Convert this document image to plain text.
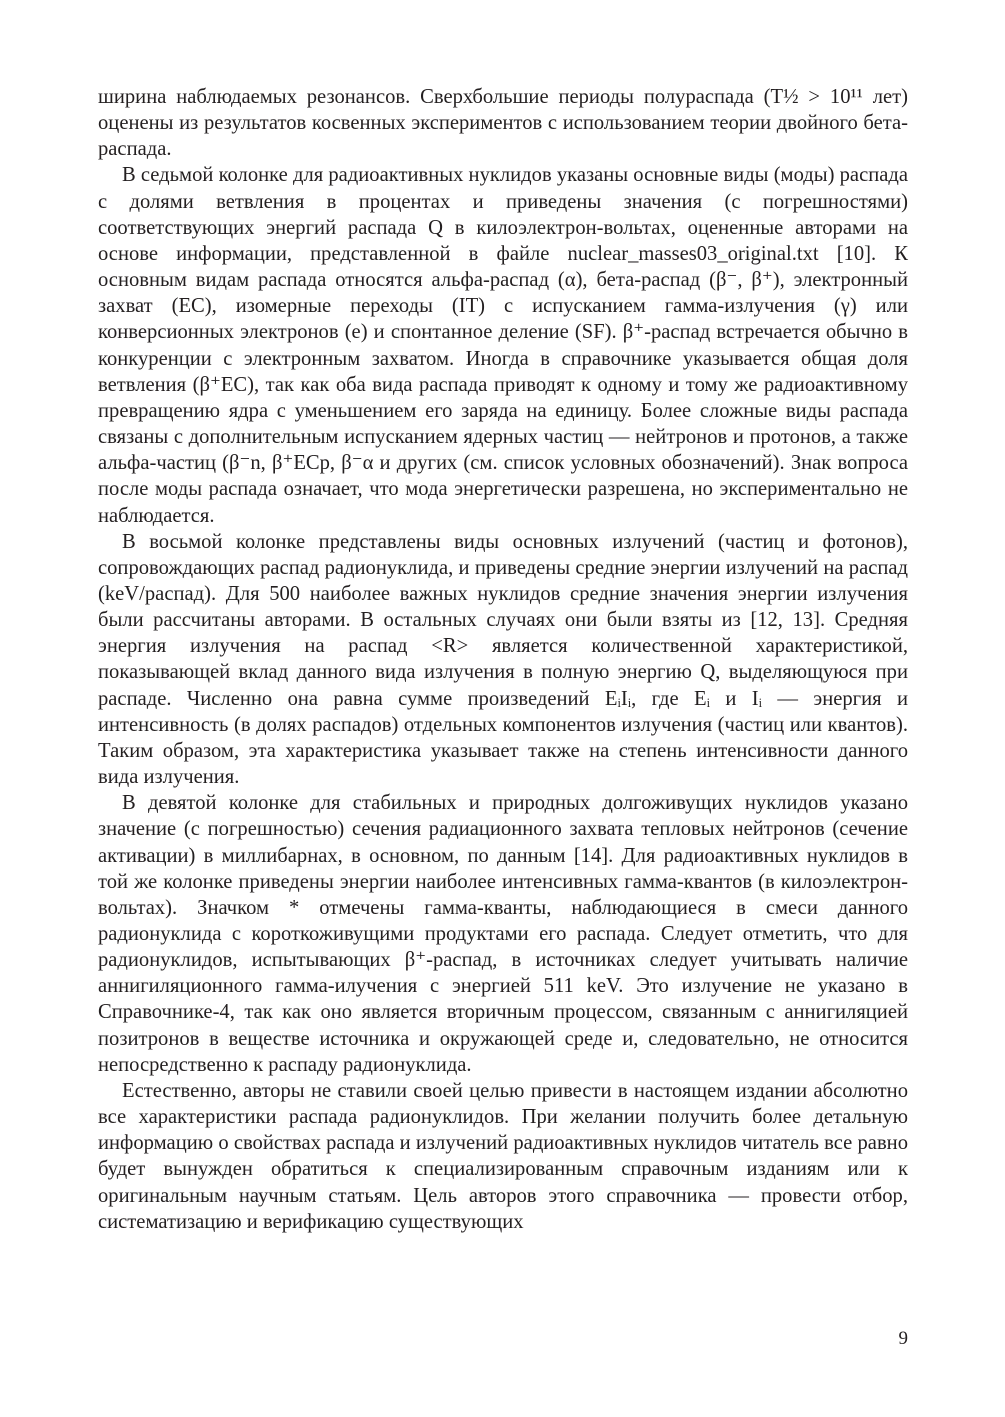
ширина наблюдаемых резонансов. Сверхбольшие периоды полураспада (T½ > 10¹¹ лет) оценены из результатов косвенных экспериментов с использованием теории двойного бета-распада.

В седьмой колонке для радиоактивных нуклидов указаны основные виды (моды) распада с долями ветвления в процентах и приведены значения (с погрешностями) соответствующих энергий распада Q в килоэлектрон-вольтах, оцененные авторами на основе информации, представленной в файле nuclear_masses03_original.txt [10]. К основным видам распада относятся альфа-распад (α), бета-распад (β⁻, β⁺), электронный захват (EC), изомерные переходы (IT) с испусканием гамма-излучения (γ) или конверсионных электронов (e) и спонтанное деление (SF). β⁺-распад встречается обычно в конкуренции с электронным захватом. Иногда в справочнике указывается общая доля ветвления (β⁺EC), так как оба вида распада приводят к одному и тому же радиоактивному превращению ядра с уменьшением его заряда на единицу. Более сложные виды распада связаны с дополнительным испусканием ядерных частиц — нейтронов и протонов, а также альфа-частиц (β⁻n, β⁺ECp, β⁻α и других (см. список условных обозначений). Знак вопроса после моды распада означает, что мода энергетически разрешена, но экспериментально не наблюдается.

В восьмой колонке представлены виды основных излучений (частиц и фотонов), сопровождающих распад радионуклида, и приведены средние энергии излучений на распад (keV/распад). Для 500 наиболее важных нуклидов средние значения энергии излучения были рассчитаны авторами. В остальных случаях они были взяты из [12, 13]. Средняя энергия излучения на распад <R> является количественной характеристикой, показывающей вклад данного вида излучения в полную энергию Q, выделяющуюся при распаде. Численно она равна сумме произведений EᵢIᵢ, где Eᵢ и Iᵢ — энергия и интенсивность (в долях распадов) отдельных компонентов излучения (частиц или квантов). Таким образом, эта характеристика указывает также на степень интенсивности данного вида излучения.

В девятой колонке для стабильных и природных долгоживущих нуклидов указано значение (с погрешностью) сечения радиационного захвата тепловых нейтронов (сечение активации) в миллибарнах, в основном, по данным [14]. Для радиоактивных нуклидов в той же колонке приведены энергии наиболее интенсивных гамма-квантов (в килоэлектрон-вольтах). Значком * отмечены гамма-кванты, наблюдающиеся в смеси данного радионуклида с короткоживущими продуктами его распада. Следует отметить, что для радионуклидов, испытывающих β⁺-распад, в источниках следует учитывать наличие аннигиляционного гамма-илучения с энергией 511 keV. Это излучение не указано в Справочнике-4, так как оно является вторичным процессом, связанным с аннигиляцией позитронов в веществе источника и окружающей среде и, следовательно, не относится непосредственно к распаду радионуклида.

Естественно, авторы не ставили своей целью привести в настоящем издании абсолютно все характеристики распада радионуклидов. При желании получить более детальную информацию о свойствах распада и излучений радиоактивных нуклидов читатель все равно будет вынужден обратиться к специализированным справочным изданиям или к оригинальным научным статьям. Цель авторов этого справочника — провести отбор, систематизацию и верификацию существующих

9
